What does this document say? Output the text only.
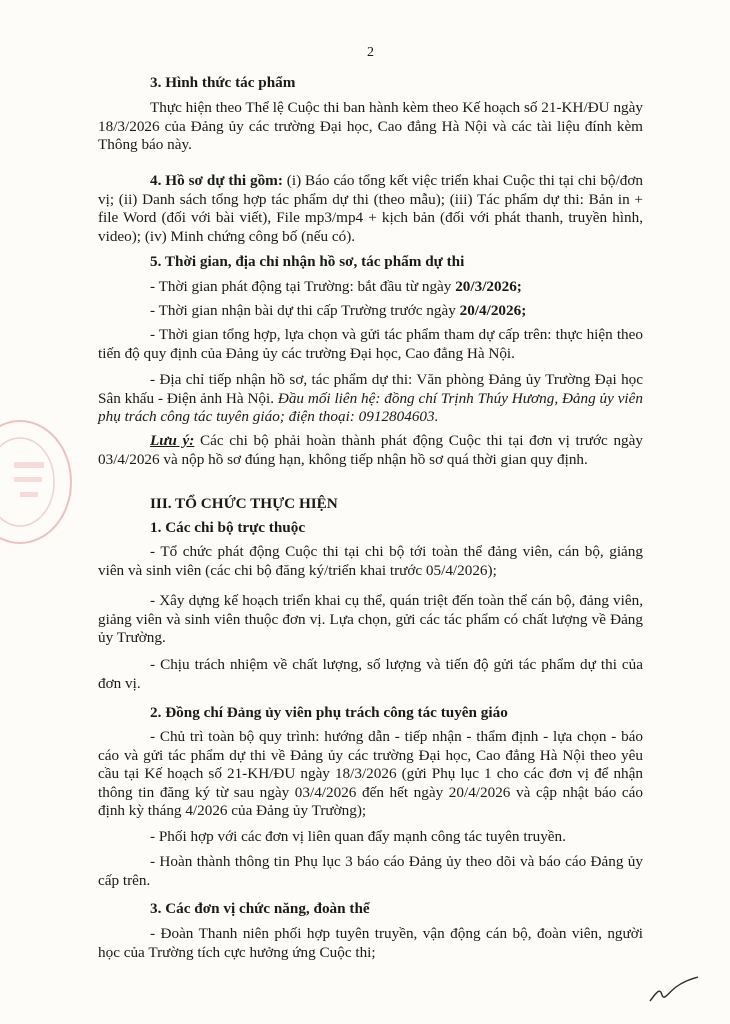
2

3. Hình thức tác phẩm

Thực hiện theo Thể lệ Cuộc thi ban hành kèm theo Kế hoạch số 21-KH/ĐU ngày 18/3/2026 của Đảng ủy các trường Đại học, Cao đẳng Hà Nội và các tài liệu đính kèm Thông báo này.

4. Hồ sơ dự thi gồm: (i) Báo cáo tổng kết việc triển khai Cuộc thi tại chi bộ/đơn vị; (ii) Danh sách tổng hợp tác phẩm dự thi (theo mẫu); (iii) Tác phẩm dự thi: Bản in + file Word (đối với bài viết), File mp3/mp4 + kịch bản (đối với phát thanh, truyền hình, video); (iv) Minh chứng công bố (nếu có).

5. Thời gian, địa chỉ nhận hồ sơ, tác phẩm dự thi

- Thời gian phát động tại Trường: bắt đầu từ ngày 20/3/2026;

- Thời gian nhận bài dự thi cấp Trường trước ngày 20/4/2026;

- Thời gian tổng hợp, lựa chọn và gửi tác phẩm tham dự cấp trên: thực hiện theo tiến độ quy định của Đảng ủy các trường Đại học, Cao đẳng Hà Nội.

- Địa chỉ tiếp nhận hồ sơ, tác phẩm dự thi: Văn phòng Đảng ủy Trường Đại học Sân khấu - Điện ảnh Hà Nội. Đầu mối liên hệ: đồng chí Trịnh Thúy Hương, Đảng ủy viên phụ trách công tác tuyên giáo; điện thoại: 0912804603.

Lưu ý: Các chi bộ phải hoàn thành phát động Cuộc thi tại đơn vị trước ngày 03/4/2026 và nộp hồ sơ đúng hạn, không tiếp nhận hồ sơ quá thời gian quy định.

III. TỔ CHỨC THỰC HIỆN

1. Các chi bộ trực thuộc

- Tổ chức phát động Cuộc thi tại chi bộ tới toàn thể đảng viên, cán bộ, giảng viên và sinh viên (các chi bộ đăng ký/triển khai trước 05/4/2026);

- Xây dựng kế hoạch triển khai cụ thể, quán triệt đến toàn thể cán bộ, đảng viên, giảng viên và sinh viên thuộc đơn vị. Lựa chọn, gửi các tác phẩm có chất lượng về Đảng ủy Trường.

- Chịu trách nhiệm về chất lượng, số lượng và tiến độ gửi tác phẩm dự thi của đơn vị.

2. Đồng chí Đảng ủy viên phụ trách công tác tuyên giáo

- Chủ trì toàn bộ quy trình: hướng dẫn - tiếp nhận - thẩm định - lựa chọn - báo cáo và gửi tác phẩm dự thi về Đảng ủy các trường Đại học, Cao đẳng Hà Nội theo yêu cầu tại Kế hoạch số 21-KH/ĐU ngày 18/3/2026 (gửi Phụ lục 1 cho các đơn vị để nhận thông tin đăng ký từ sau ngày 03/4/2026 đến hết ngày 20/4/2026 và cập nhật báo cáo định kỳ tháng 4/2026 của Đảng ủy Trường);

- Phối hợp với các đơn vị liên quan đẩy mạnh công tác tuyên truyền.

- Hoàn thành thông tin Phụ lục 3 báo cáo Đảng ủy theo dõi và báo cáo Đảng ủy cấp trên.

3. Các đơn vị chức năng, đoàn thể

- Đoàn Thanh niên phối hợp tuyên truyền, vận động cán bộ, đoàn viên, người học của Trường tích cực hưởng ứng Cuộc thi;
